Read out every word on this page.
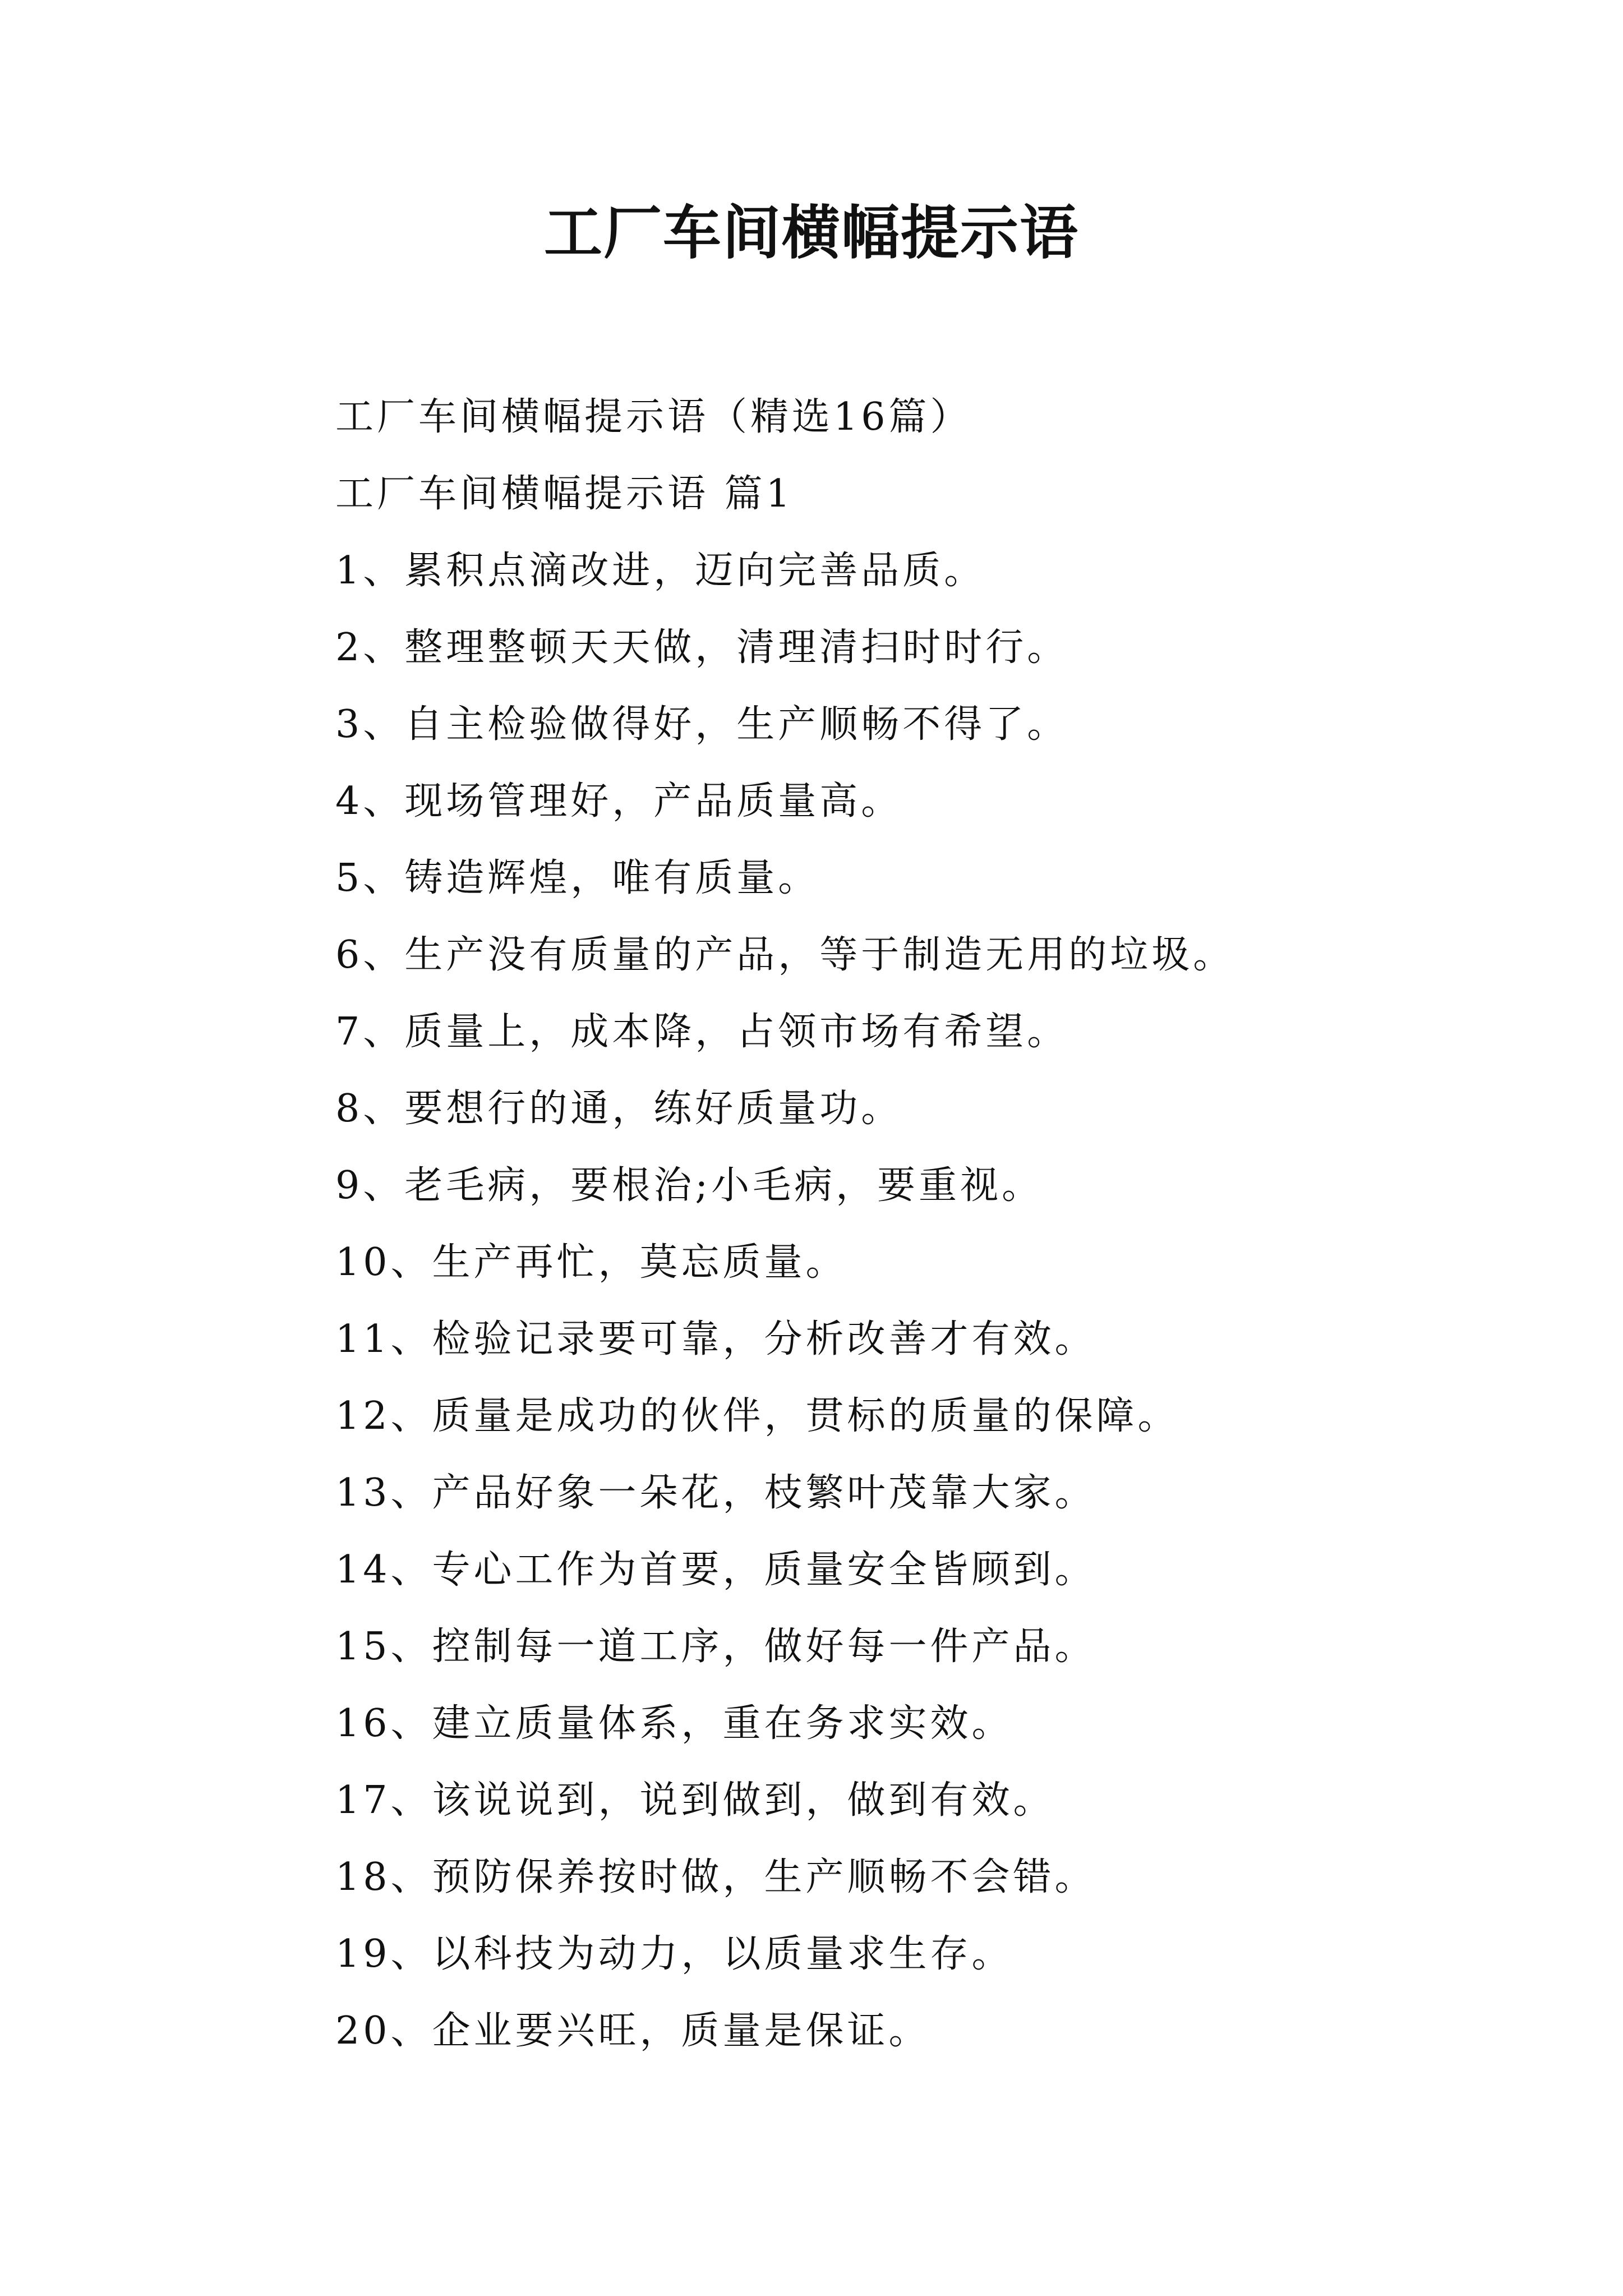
工厂车间横幅提示语
工厂车间横幅提示语（精选16篇）
工厂车间横幅提示语 篇1
1、累积点滴改进，迈向完善品质。
2、整理整顿天天做，清理清扫时时行。
3、自主检验做得好，生产顺畅不得了。
4、现场管理好，产品质量高。
5、铸造辉煌，唯有质量。
6、生产没有质量的产品，等于制造无用的垃圾。
7、质量上，成本降，占领市场有希望。
8、要想行的通，练好质量功。
9、老毛病，要根治;小毛病，要重视。
10、生产再忙，莫忘质量。
11、检验记录要可靠，分析改善才有效。
12、质量是成功的伙伴，贯标的质量的保障。
13、产品好象一朵花，枝繁叶茂靠大家。
14、专心工作为首要，质量安全皆顾到。
15、控制每一道工序，做好每一件产品。
16、建立质量体系，重在务求实效。
17、该说说到，说到做到，做到有效。
18、预防保养按时做，生产顺畅不会错。
19、以科技为动力，以质量求生存。
20、企业要兴旺，质量是保证。
